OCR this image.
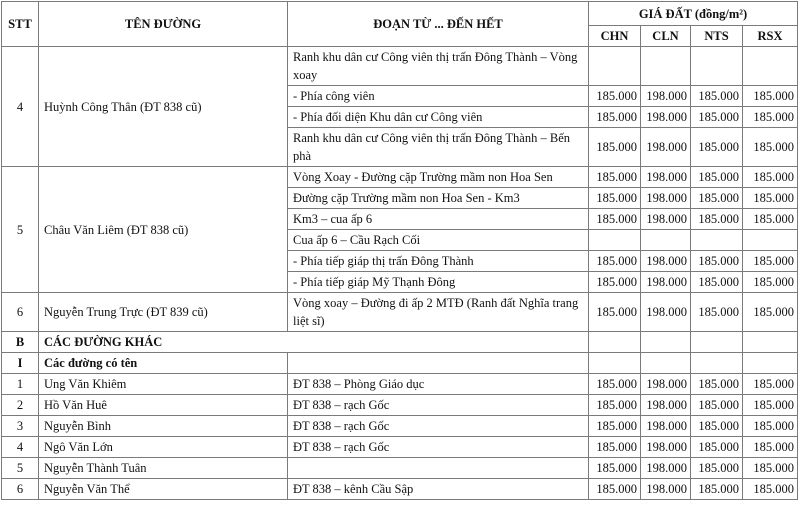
STT	TÊN ĐƯỜNG	ĐOẠN TỪ ... ĐẾN HẾT	GIÁ ĐẤT (đồng/m²)			
			CHN	CLN	NTS	RSX
4	Huỳnh Công Thân (ĐT 838 cũ)	Ranh khu dân cư Công viên thị trấn Đông Thành – Vòng xoay				
		- Phía công viên	185.000	198.000	185.000	185.000
		- Phía đối diện Khu dân cư Công viên	185.000	198.000	185.000	185.000
		Ranh khu dân cư Công viên thị trấn Đông Thành – Bến phà	185.000	198.000	185.000	185.000
5	Châu Văn Liêm (ĐT 838 cũ)	Vòng Xoay - Đường cặp Trường mầm non Hoa Sen	185.000	198.000	185.000	185.000
		Đường cặp Trường mầm non Hoa Sen - Km3	185.000	198.000	185.000	185.000
		Km3 – cua ấp 6	185.000	198.000	185.000	185.000
		Cua ấp 6 – Cầu Rạch Cối				
		- Phía tiếp giáp thị trấn Đông Thành	185.000	198.000	185.000	185.000
		- Phía tiếp giáp Mỹ Thạnh Đông	185.000	198.000	185.000	185.000
6	Nguyễn Trung Trực (ĐT 839 cũ)	Vòng xoay – Đường đi ấp 2 MTĐ (Ranh đất Nghĩa trang liệt sĩ)	185.000	198.000	185.000	185.000
B	CÁC ĐƯỜNG KHÁC					
I	Các đường có tên					
1	Ung Văn Khiêm	ĐT 838 – Phòng Giáo dục	185.000	198.000	185.000	185.000
2	Hồ Văn Huê	ĐT 838 – rạch Gốc	185.000	198.000	185.000	185.000
3	Nguyễn Bình	ĐT 838 – rạch Gốc	185.000	198.000	185.000	185.000
4	Ngô Văn Lớn	ĐT 838 – rạch Gốc	185.000	198.000	185.000	185.000
5	Nguyễn Thành Tuân		185.000	198.000	185.000	185.000
6	Nguyễn Văn Thể	ĐT 838 – kênh Cầu Sập	185.000	198.000	185.000	185.000
